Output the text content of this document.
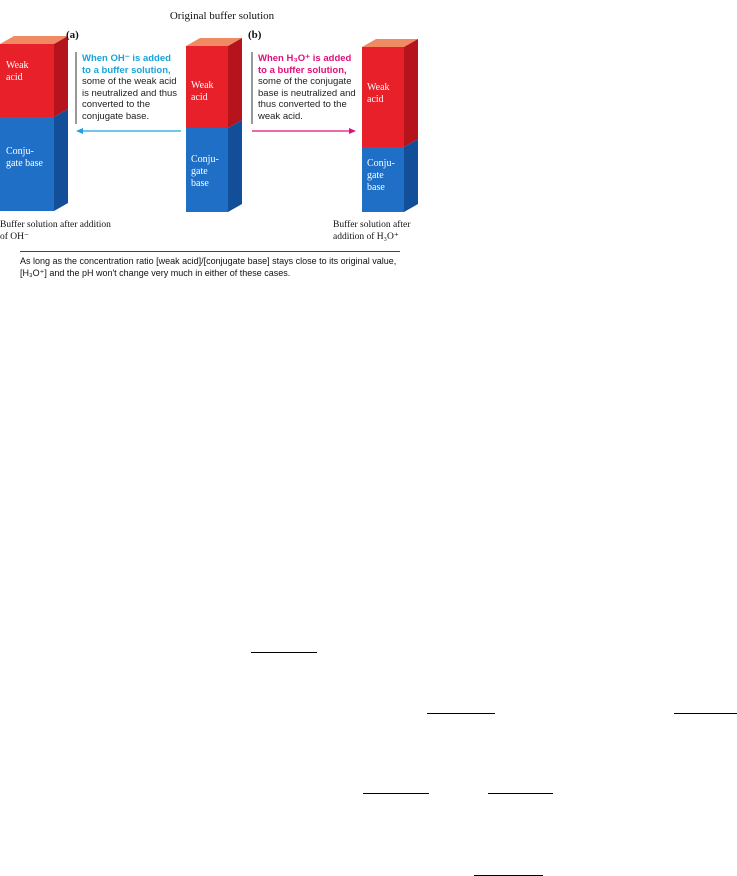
Original buffer solution
(a)	(b)
When OH⁻ is added to a buffer solution,
some of the weak acid is neutralized and thus converted to the conjugate base.
When H₃O⁺ is added to a buffer solution,
some of the conjugate base is neutralized and thus converted to the weak acid.
Weak acid
Conju-gate base
Weak acid
Conju-gate base
Weak acid
Conju-gate base
Buffer solution after addition of OH⁻
Buffer solution after addition of H₃O⁺
As long as the concentration ratio [weak acid]/[conjugate base] stays close to its original value, [H₃O⁺] and the pH won't change very much in either of these cases.
